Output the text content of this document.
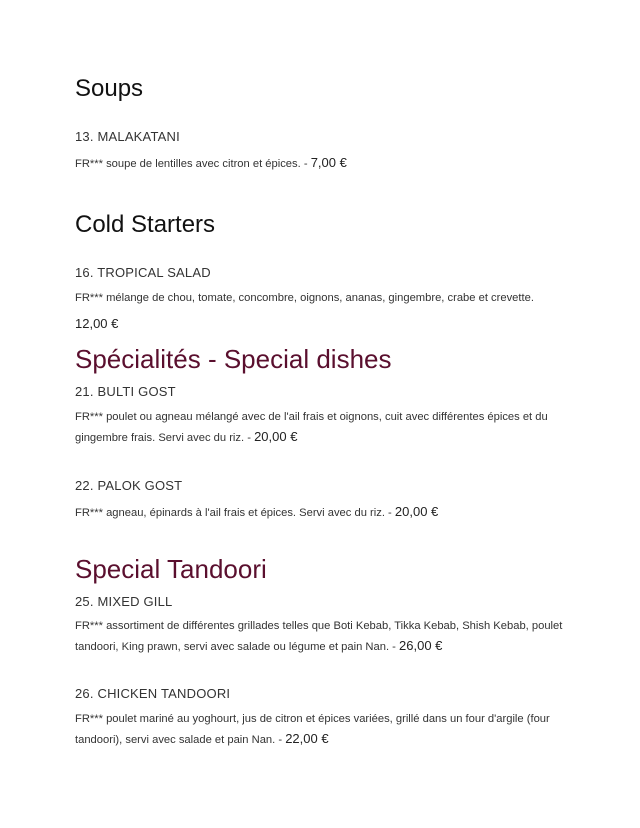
Soups
13. MALAKATANI
FR*** soupe de lentilles avec citron et épices. - 7,00 €
Cold Starters
16. TROPICAL SALAD
FR*** mélange de chou, tomate, concombre, oignons, ananas, gingembre, crabe et crevette.
12,00 €
Spécialités - Special dishes
21. BULTI GOST
FR*** poulet ou agneau mélangé avec de l'ail frais et oignons, cuit avec différentes épices et du gingembre frais. Servi avec du riz. - 20,00 €
22. PALOK GOST
FR*** agneau, épinards à l'ail frais et épices. Servi avec du riz. - 20,00 €
Special Tandoori
25. MIXED GILL
FR*** assortiment de différentes grillades telles que Boti Kebab, Tikka Kebab, Shish Kebab, poulet tandoori, King prawn, servi avec salade ou légume et pain Nan. - 26,00 €
26. CHICKEN TANDOORI
FR*** poulet mariné au yoghourt, jus de citron et épices variées, grillé dans un four d'argile (four tandoori), servi avec salade et pain Nan. - 22,00 €
